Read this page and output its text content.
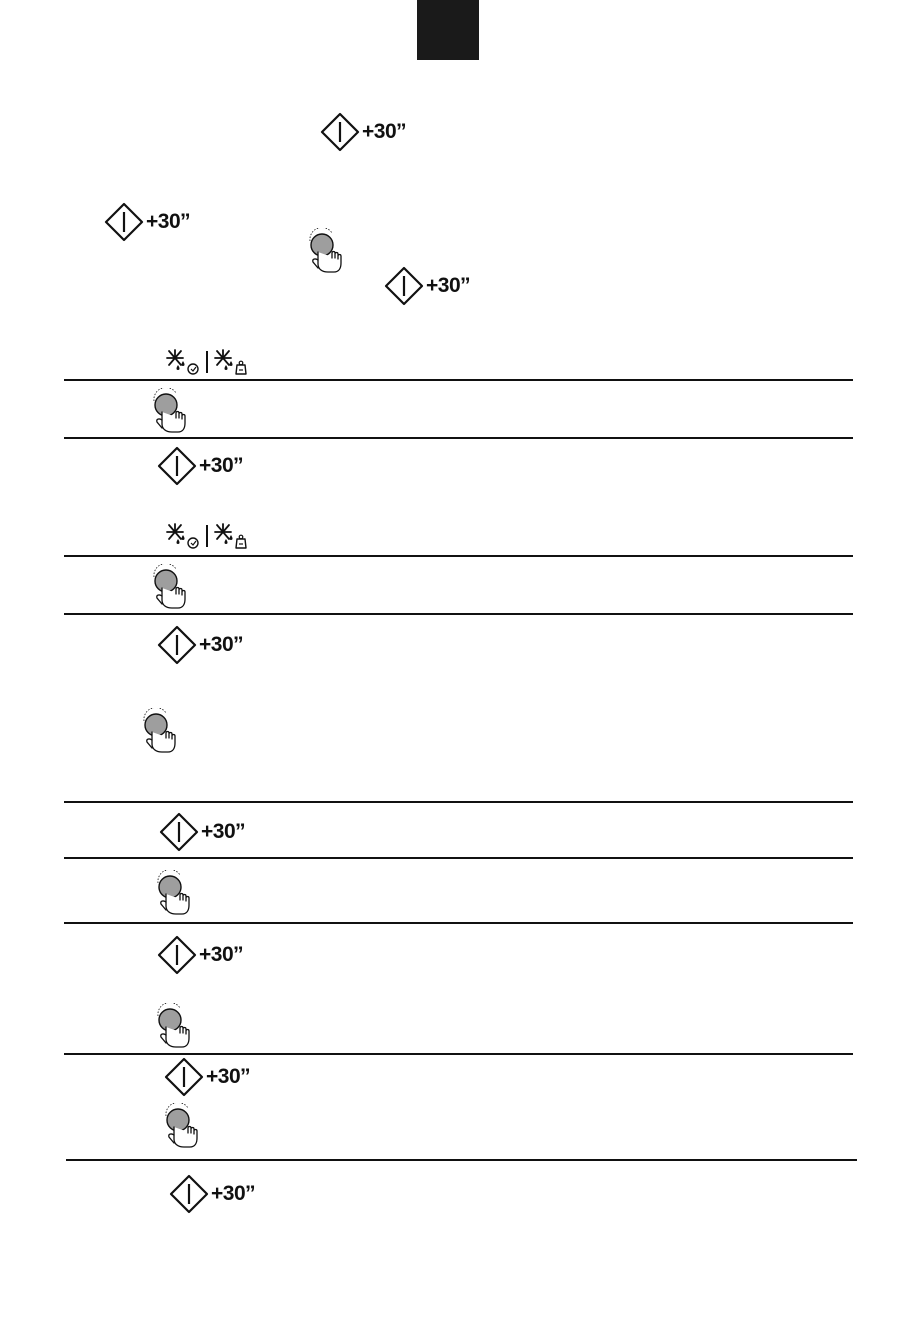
+30’’
+30’’
+30’’
+30’’
+30’’
+30’’
+30’’
+30’’
+30’’
